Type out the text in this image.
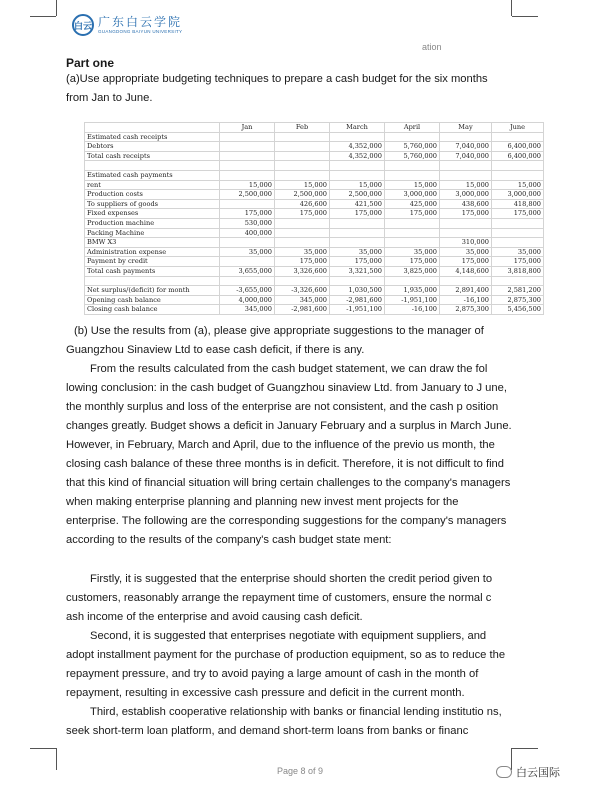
白云 广东白云学院
GUANGDONG BAIYUN UNIVERSITY
ation
Part one
(a)Use appropriate budgeting techniques to prepare a cash budget for the six months from Jan to June.
	Jan	Feb	March	April	May	June
Estimated cash receipts						
Debtors			4,352,000	5,760,000	7,040,000	6,400,000
Total cash receipts			4,352,000	5,760,000	7,040,000	6,400,000

Estimated cash payments						
rent	15,000	15,000	15,000	15,000	15,000	15,000
Production costs	2,500,000	2,500,000	2,500,000	3,000,000	3,000,000	3,000,000
To suppliers of goods		426,600	421,500	425,000	438,600	418,800
Fixed expenses	175,000	175,000	175,000	175,000	175,000	175,000
Production machine	530,000					
Packing Machine	400,000					
BMW X3					310,000	
Administration expense	35,000	35,000	35,000	35,000	35,000	35,000
Payment by credit		175,000	175,000	175,000	175,000	175,000
Total cash payments	3,655,000	3,326,600	3,321,500	3,825,000	4,148,600	3,818,800

Net surplus/(deficit) for month	-3,655,000	-3,326,600	1,030,500	1,935,000	2,891,400	2,581,200
Opening cash balance	4,000,000	345,000	-2,981,600	-1,951,100	-16,100	2,875,300
Closing cash balance	345,000	-2,981,600	-1,951,100	-16,100	2,875,300	5,456,500
(b) Use the results from (a), please give appropriate suggestions to the manager of Guangzhou Sinaview Ltd to ease cash deficit, if there is any.
From the results calculated from the cash budget statement, we can draw the fol lowing conclusion: in the cash budget of Guangzhou sinaview Ltd. from January to J une, the monthly surplus and loss of the enterprise are not consistent, and the cash p osition changes greatly. Budget shows a deficit in January February and a surplus in March June. However, in February, March and April, due to the influence of the previo us month, the closing cash balance of these three months is in deficit. Therefore, it is not difficult to find that this kind of financial situation will bring certain challenges to the company's managers when making enterprise planning and planning new invest ment projects for the enterprise. The following are the corresponding suggestions for the company's managers according to the results of the company's cash budget state ment:
Firstly, it is suggested that the enterprise should shorten the credit period given to customers, reasonably arrange the repayment time of customers, ensure the normal c ash income of the enterprise and avoid causing cash deficit.
Second, it is suggested that enterprises negotiate with equipment suppliers, and adopt installment payment for the purchase of production equipment, so as to reduce the repayment pressure, and try to avoid paying a large amount of cash in the month of repayment, resulting in excessive cash pressure and deficit in the current month.
Third, establish cooperative relationship with banks or financial lending institutio ns, seek short-term loan platform, and demand short-term loans from banks or financ
Page 8 of 9	白云国际
